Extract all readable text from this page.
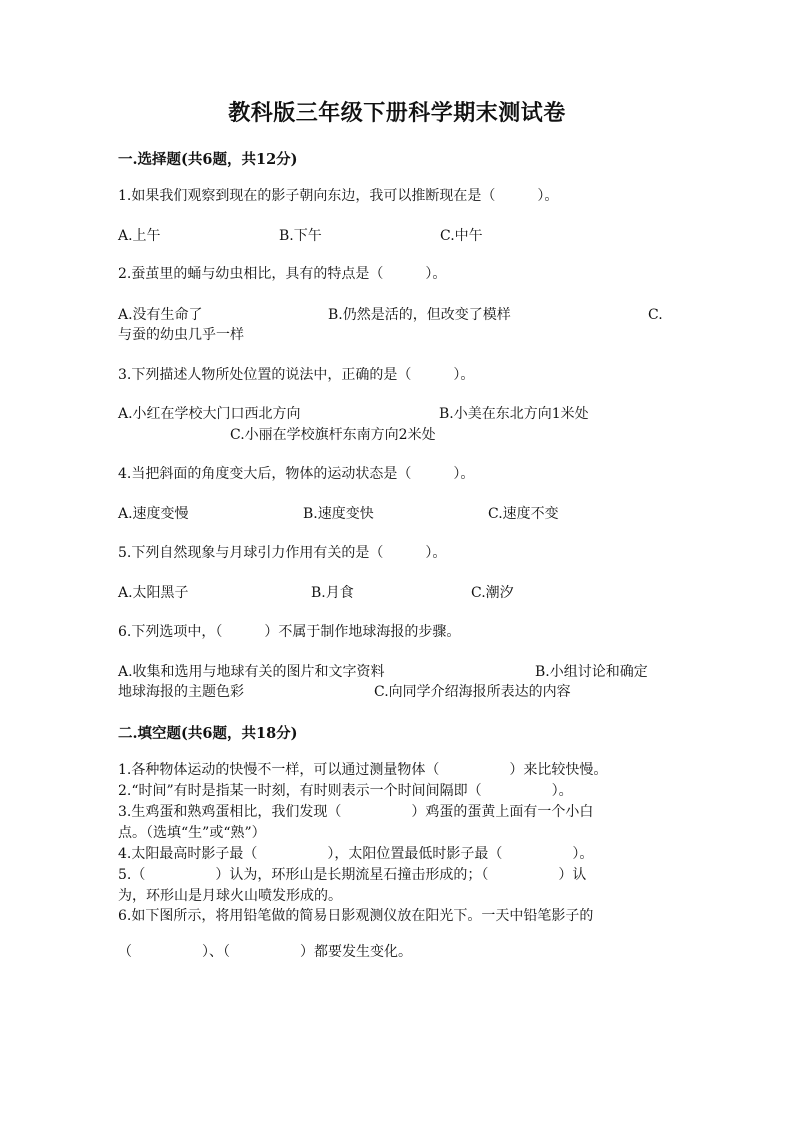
教科版三年级下册科学期末测试卷
一.选择题(共6题，共12分)
1.如果我们观察到现在的影子朝向东边，我可以推断现在是（　　　）。
A.上午	B.下午	C.中午
2.蚕茧里的蛹与幼虫相比，具有的特点是（　　　）。
A.没有生命了	B.仍然是活的，但改变了模样	C.
与蚕的幼虫几乎一样
3.下列描述人物所处位置的说法中，正确的是（　　　）。
A.小红在学校大门口西北方向	B.小美在东北方向1米处
C.小丽在学校旗杆东南方向2米处
4.当把斜面的角度变大后，物体的运动状态是（　　　）。
A.速度变慢	B.速度变快	C.速度不变
5.下列自然现象与月球引力作用有关的是（　　　）。
A.太阳黑子	B.月食	C.潮汐
6.下列选项中，（　　　）不属于制作地球海报的步骤。
A.收集和选用与地球有关的图片和文字资料	B.小组讨论和确定
地球海报的主题色彩	C.向同学介绍海报所表达的内容
二.填空题(共6题，共18分)
1.各种物体运动的快慢不一样，可以通过测量物体（　　　　　）来比较快慢。
2.“时间”有时是指某一时刻，有时则表示一个时间间隔即（　　　　　）。
3.生鸡蛋和熟鸡蛋相比，我们发现（　　　　　）鸡蛋的蛋黄上面有一个小白
点。（选填“生”或“熟”）
4.太阳最高时影子最（　　　　　），太阳位置最低时影子最（　　　　　）。
5.（　　　　　）认为，环形山是长期流星石撞击形成的；（　　　　　）认
为，环形山是月球火山喷发形成的。
6.如下图所示，将用铅笔做的简易日影观测仪放在阳光下。一天中铅笔影子的
（　　　　　）、（　　　　　）都要发生变化。
